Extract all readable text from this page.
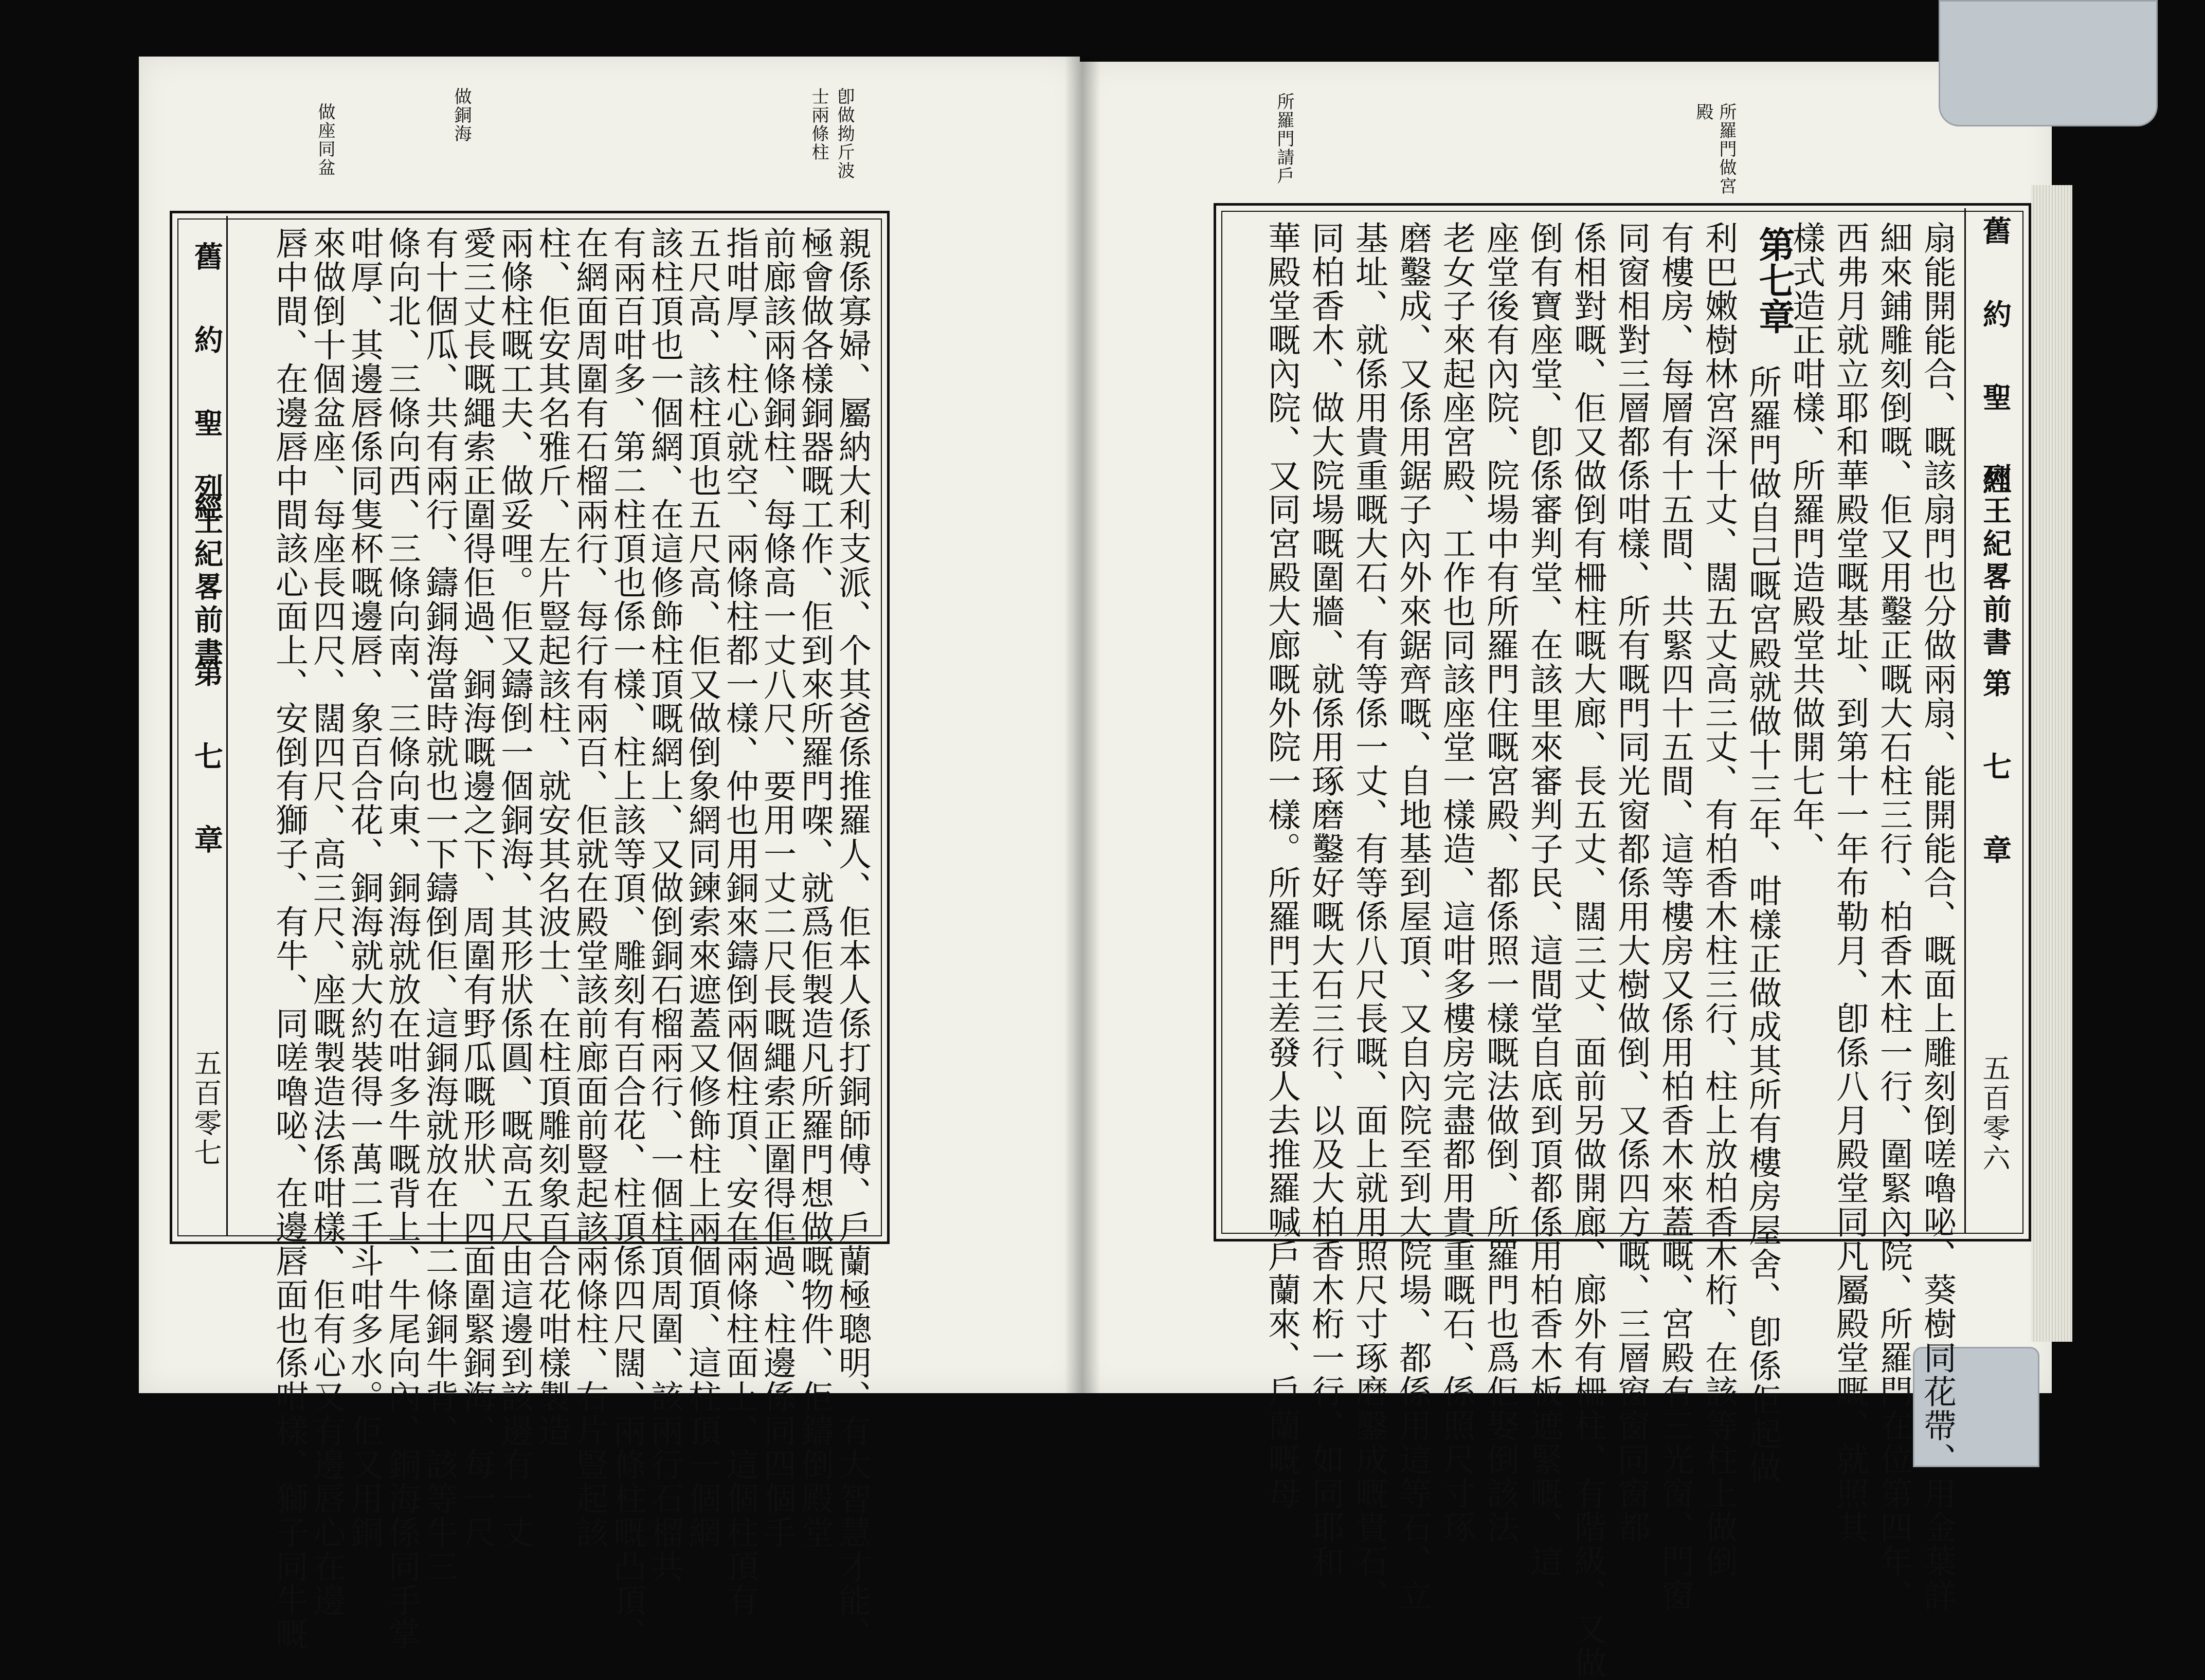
卽做拗斤波
士兩條柱
做銅海
做座同盆
舊 約 聖 經
列王紀畧前書
第 七 章
五百零七	親係寡婦、屬納大利支派、个其爸係推羅人、佢本人係打銅師傅、戶蘭極聰明、有大智慧才能、
極會做各樣銅器嘅工作、佢到來所羅門㗎、就爲佢製造凡所羅門想做嘅物件、佢鑄倒殿堂
前廊該兩條銅柱、每條高一丈八尺、要用一丈二尺長嘅繩索正圍得佢過、柱邊係同四個手
指咁厚、柱心就空、兩條柱都一樣、仲也用銅來鑄倒兩個柱頂、安在兩條柱面上、這個柱頂有
五尺高、該柱頂也五尺高、佢又做倒象網同鍊索來遮蓋又修飾柱上兩個頂、這柱頂一個網
該柱頂也一個網、在這修飾柱頂嘅網上、又做倒銅石榴兩行、一個柱頂周圍、該兩行石榴共
有兩百咁多、第二柱頂也係一樣、柱上該等頂、雕刻有百合花、柱頂係四尺闊、兩條柱嘅凸頂、
在網面周圍有石榴兩行、每行有兩百、佢就在殿堂該前廊面前豎起該兩條柱、右片豎起該
柱、佢安其名雅斤、左片豎起該柱、就安其名波士、在柱頂雕刻象百合花咁樣製造
兩條柱嘅工夫、做妥哩。佢又鑄倒一個銅海、其形狀係圓、嘅高五尺由這邊到該邊有一丈
愛三丈長嘅繩索正圍得佢過、銅海嘅邊之下、周圍有野瓜嘅形狀、四面圍緊銅海、每一尺
有十個瓜、共有兩行、鑄銅海當時就也一下鑄倒佢、這銅海就放在十二條銅牛背、該等牛三
條向北、三條向西、三條向南、三條向東、銅海就放在咁多牛嘅背上、牛尾向內、銅海係同手掌
咁厚、其邊唇係同隻杯嘅邊唇、象百合花、銅海就大約裝得一萬二千斗咁多水。佢又用銅
來做倒十個盆座、每座長四尺、闊四尺、高三尺、座嘅製造法係咁樣、佢有心又有邊唇心在邊
唇中間、在邊唇中間該心面上、安倒有獅子、有牛、同嗟嚕咇、在邊唇面也係咁樣、獅子同牛嘅
所羅門做宮
殿
所羅門請戶
舊 約 聖 經
列王紀畧前書
第 七 章
五百零六
第七章	扇能開能合、嘅該扇門也分做兩扇、能開能合、嘅面上雕刻倒嗟嚕咇、葵樹同花帶、用金葉詳
細來鋪雕刻倒嘅、佢又用鑿正嘅大石柱三行、柏香木柱一行、圍緊內院、所羅門在位第四年、
西弗月就立耶和華殿堂嘅基址、到第十一年布勒月、卽係八月殿堂同凡屬殿堂嘅、就照其
樣式造正咁樣、所羅門造殿堂共做開七年、
所羅門做自己嘅宮殿就做十三年、咁樣正做成其所有樓房屋舍、卽係佢起做
利巴嫩樹林宮深十丈、闊五丈高三丈、有柏香木柱三行、柱上放柏香木桁、在該等柱上做倒
有樓房、每層有十五間、共緊四十五間、這等樓房又係用柏香木來蓋嘅、宮殿有三光窗、門窗
同窗相對三層都係咁樣、所有嘅門同光窗都係用大樹做倒、又係四方嘅、三層窗窗同窗都
係相對嘅、佢又做倒有柵柱嘅大廊、長五丈、闊三丈、面前另做開廊、廊外有柵柱、有階級、又做
倒有寶座堂、卽係審判堂、在該里來審判子民、這間堂自底到頂都係用柏香木板遮緊嘅、這
座堂後有內院、院場中有所羅門住嘅宮殿、都係照一樣嘅法做倒、所羅門也爲佢娶倒該法
老女子來起座宮殿、工作也同該座堂一樣造、這咁多樓房完盡都用貴重嘅石、係照尺寸琢
磨鑿成、又係用鋸子內外來鋸齊嘅、自地基到屋頂、又自內院至到大院場、都係用這等石、立
基址、就係用貴重嘅大石、有等係一丈、有等係八尺長嘅、面上就用照尺寸琢磨鑿成嘅貴石、
同柏香木、做大院場嘅圍牆、就係用琢磨鑿好嘅大石三行、以及大柏香木桁一行、如同耶和
華殿堂嘅內院、又同宮殿大廊嘅外院一樣。所羅門王差發人去推羅喊戶蘭來、戶蘭嘅母
